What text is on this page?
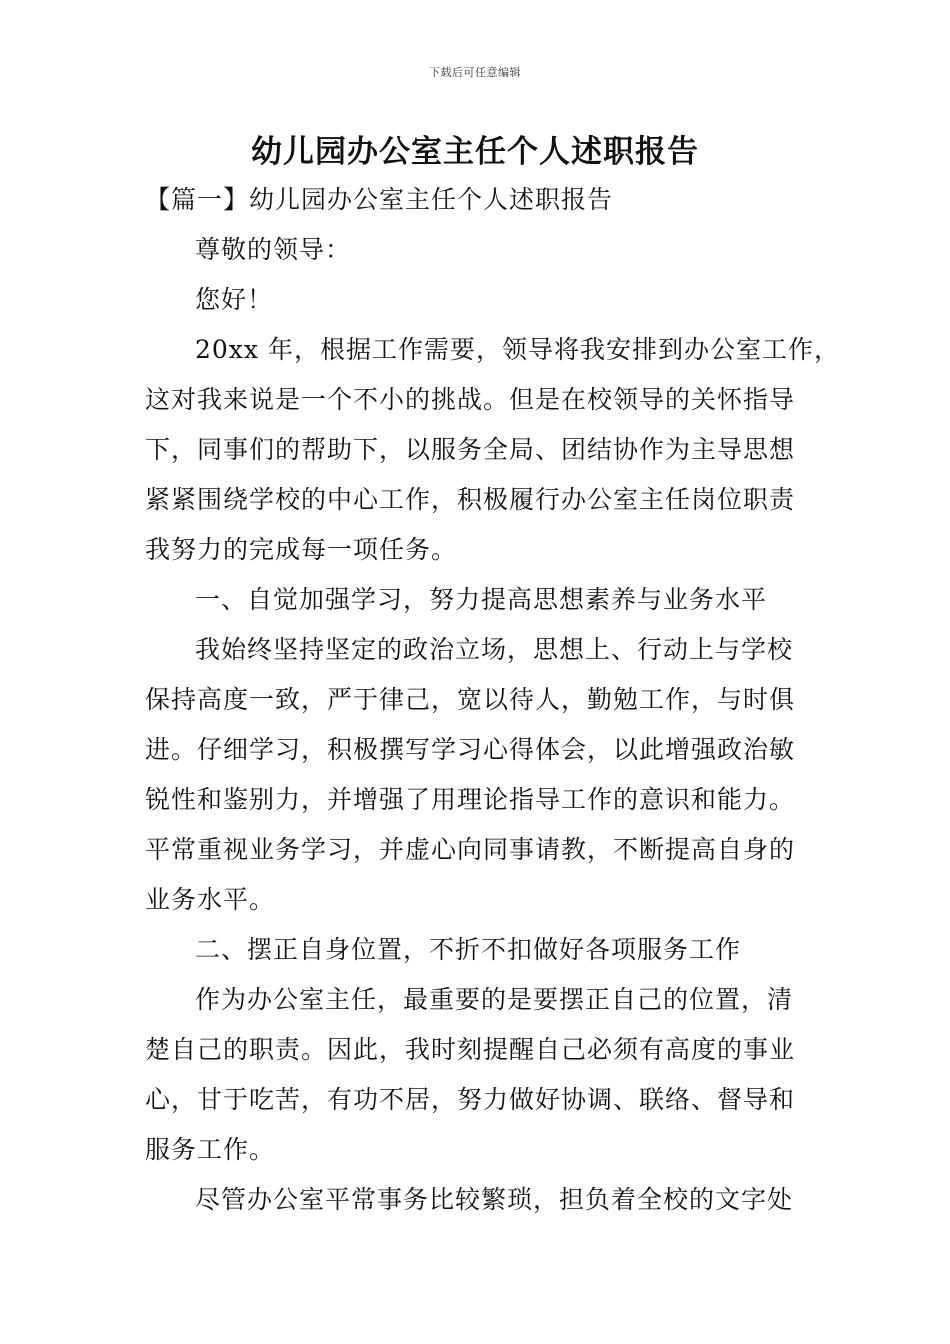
下载后可任意编辑
幼儿园办公室主任个人述职报告
【篇一】幼儿园办公室主任个人述职报告
尊敬的领导：
您好！
20xx 年，根据工作需要，领导将我安排到办公室工作，
这对我来说是一个不小的挑战。但是在校领导的关怀指导
下，同事们的帮助下，以服务全局、团结协作为主导思想
紧紧围绕学校的中心工作，积极履行办公室主任岗位职责
我努力的完成每一项任务。
一、自觉加强学习，努力提高思想素养与业务水平
我始终坚持坚定的政治立场，思想上、行动上与学校
保持高度一致，严于律己，宽以待人，勤勉工作，与时俱
进。仔细学习，积极撰写学习心得体会，以此增强政治敏
锐性和鉴别力，并增强了用理论指导工作的意识和能力。
平常重视业务学习，并虚心向同事请教，不断提高自身的
业务水平。
二、摆正自身位置，不折不扣做好各项服务工作
作为办公室主任，最重要的是要摆正自己的位置，清
楚自己的职责。因此，我时刻提醒自己必须有高度的事业
心，甘于吃苦，有功不居，努力做好协调、联络、督导和
服务工作。
尽管办公室平常事务比较繁琐，担负着全校的文字处
